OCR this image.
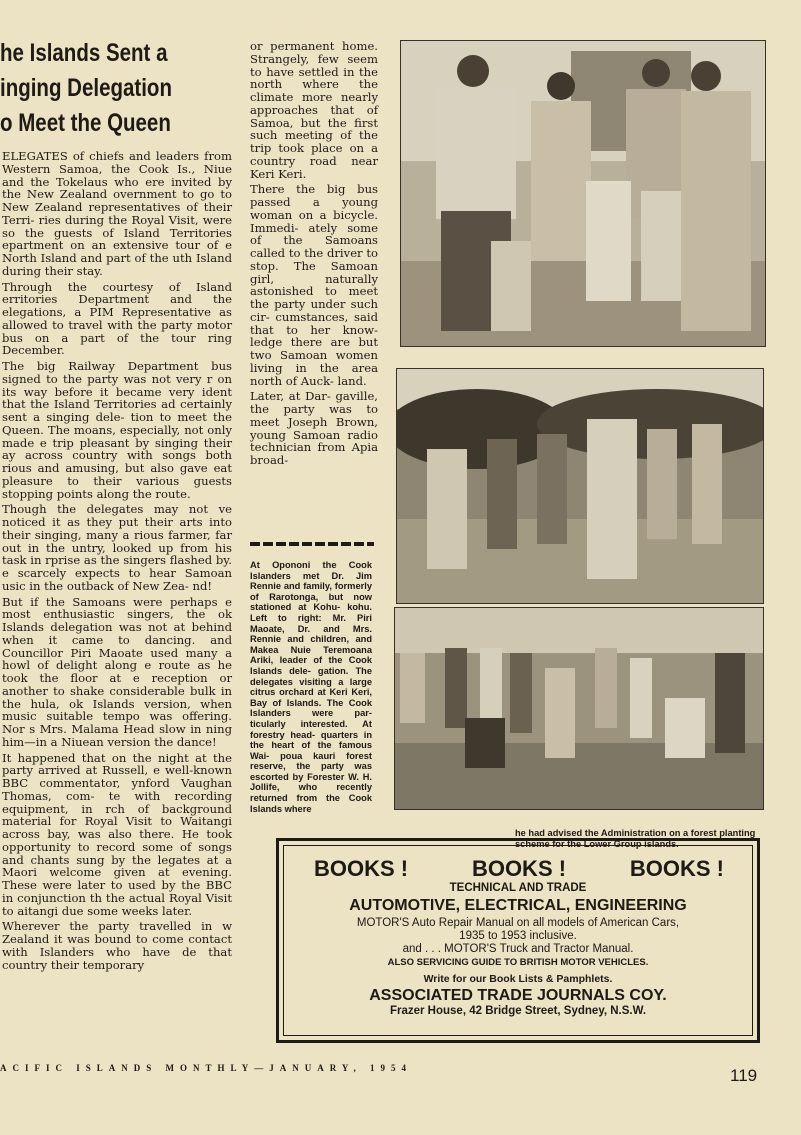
he Islands Sent a
inging Delegation
o Meet the Queen

ELEGATES of chiefs and leaders from Western Samoa, the Cook Is., Niue and the Tokelaus who ere invited by the New Zealand overnment to go to New Zealand representatives of their Terri- ries during the Royal Visit, were so the guests of Island Territories epartment on an extensive tour of e North Island and part of the uth Island during their stay.

Through the courtesy of Island erritories Department and the elegations, a PIM Representative as allowed to travel with the party motor bus on a part of the tour ring December.

The big Railway Department bus signed to the party was not very r on its way before it became very ident that the Island Territories ad certainly sent a singing dele- tion to meet the Queen. The moans, especially, not only made e trip pleasant by singing their ay across country with songs both rious and amusing, but also gave eat pleasure to their various guests stopping points along the route.

Though the delegates may not ve noticed it as they put their arts into their singing, many a rious farmer, far out in the untry, looked up from his task in rprise as the singers flashed by. e scarcely expects to hear Samoan usic in the outback of New Zea- nd!

But if the Samoans were perhaps e most enthusiastic singers, the ok Islands delegation was not at behind when it came to dancing. and Councillor Piri Maoate used many a howl of delight along e route as he took the floor at e reception or another to shake considerable bulk in the hula, ok Islands version, when music suitable tempo was offering. Nor s Mrs. Malama Head slow in ning him—in a Niuean version the dance!

It happened that on the night at the party arrived at Russell, e well-known BBC commentator, ynford Vaughan Thomas, com- te with recording equipment, in rch of background material for Royal Visit to Waitangi across bay, was also there. He took opportunity to record some of songs and chants sung by the legates at a Maori welcome given at evening. These were later to used by the BBC in conjunction th the actual Royal Visit to aitangi due some weeks later.

Wherever the party travelled in w Zealand it was bound to come contact with Islanders who have de that country their temporary

or permanent home. Strangely, few seem to have settled in the north where the climate more nearly approaches that of Samoa, but the first such meeting of the trip took place on a country road near Keri Keri.

There the big bus passed a young woman on a bicycle. Immedi- ately some of the Samoans called to the driver to stop. The Samoan girl, naturally astonished to meet the party under such cir- cumstances, said that to her know- ledge there are but two Samoan women living in the area north of Auck- land.

Later, at Dar- gaville, the party was to meet Joseph Brown, young Samoan radio technician from Apia broad-

At Opononi the Cook Islanders met Dr. Jim Rennie and family, formerly of Rarotonga, but now stationed at Kohu- kohu. Left to right: Mr. Piri Maoate, Dr. and Mrs. Rennie and children, and Makea Nuie Teremoana Ariki, leader of the Cook Islands dele- gation. The delegates visiting a large citrus orchard at Keri Keri, Bay of Islands. The Cook Islanders were par- ticularly interested. At forestry head- quarters in the heart of the famous Wai- poua kauri forest reserve, the party was escorted by Forester W. H. Jollife, who recently returned from the Cook Islands where
he had advised the Administration on a forest planting scheme for the Lower Group islands.
BOOKS !	BOOKS !	BOOKS !
TECHNICAL AND TRADE
AUTOMOTIVE, ELECTRICAL, ENGINEERING
MOTOR'S Auto Repair Manual on all models of American Cars,
1935 to 1953 inclusive.
and . . . MOTOR'S Truck and Tractor Manual.
ALSO SERVICING GUIDE TO BRITISH MOTOR VEHICLES.
Write for our Book Lists & Pamphlets.
ASSOCIATED TRADE JOURNALS COY.
Frazer House, 42 Bridge Street, Sydney, N.S.W.
ACIFIC ISLANDS MONTHLY—JANUARY, 1954	119
